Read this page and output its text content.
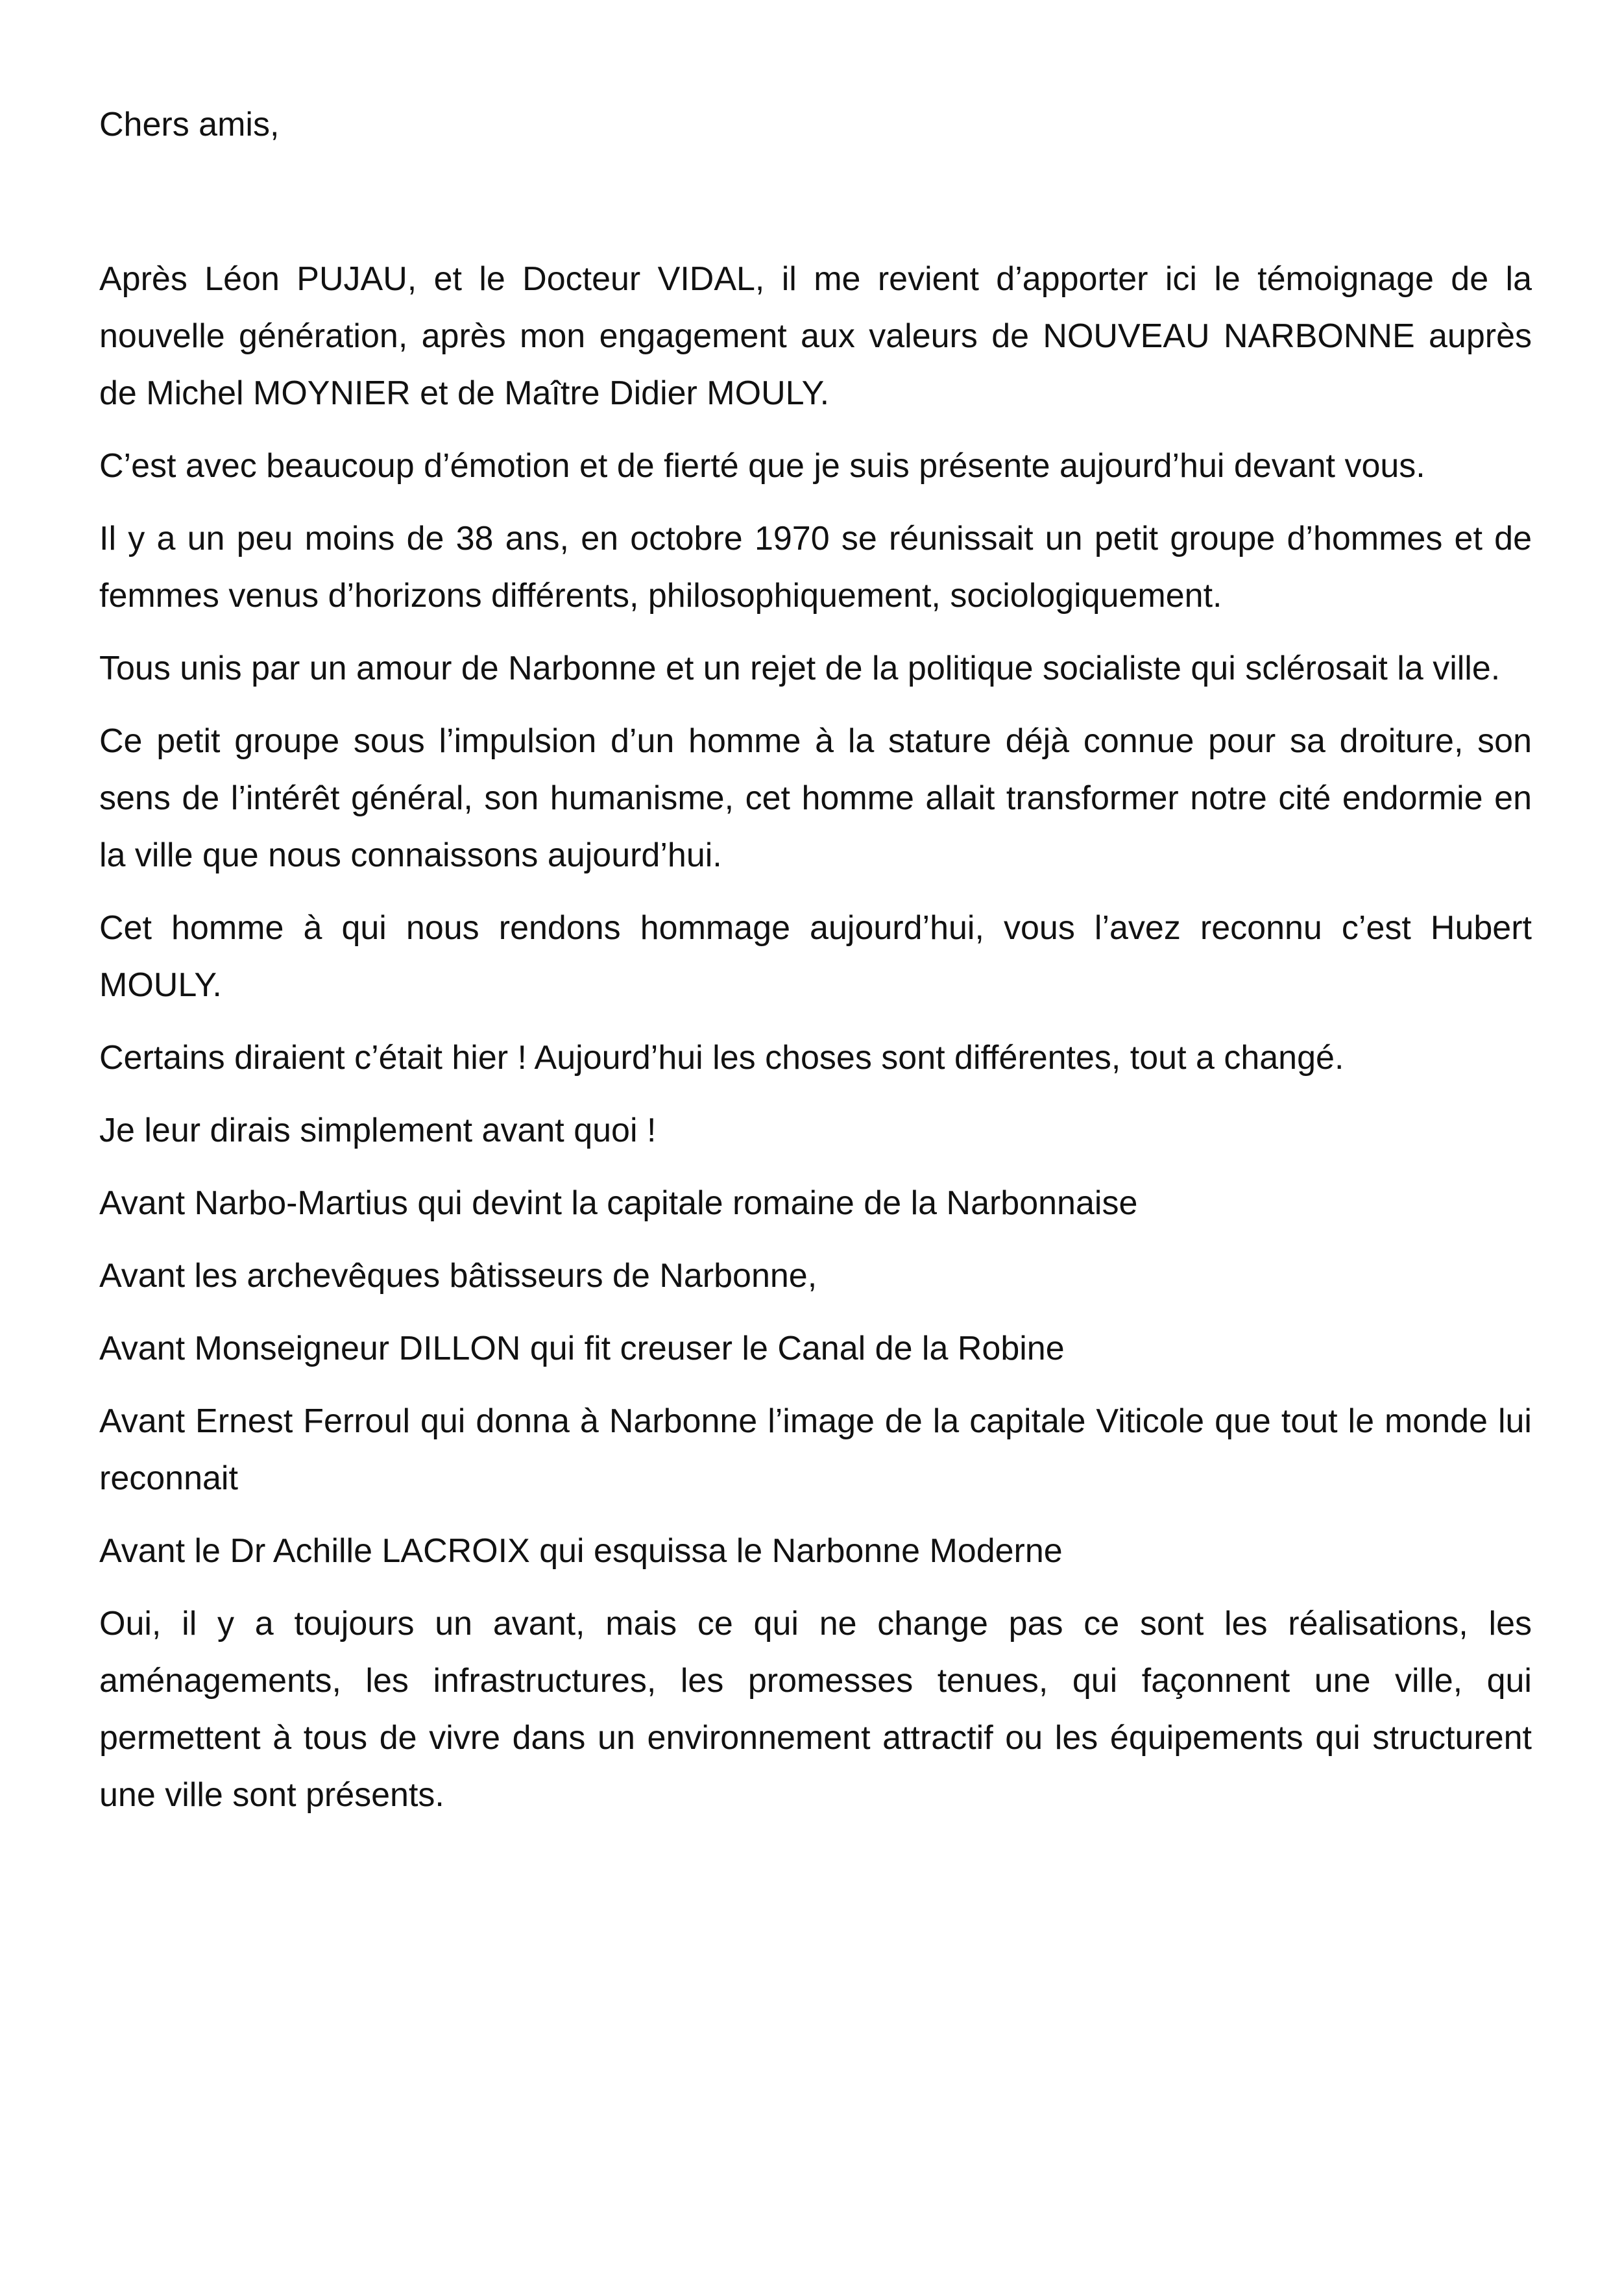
Chers amis,

Après Léon PUJAU, et le Docteur VIDAL, il me revient d’apporter ici le témoignage de la nouvelle génération, après mon engagement aux valeurs de NOUVEAU NARBONNE auprès de Michel MOYNIER et de Maître Didier MOULY.

C’est avec beaucoup d’émotion et de fierté que je suis présente aujourd’hui devant vous.

Il y a un peu moins de 38 ans, en octobre 1970 se réunissait un petit groupe d’hommes et de femmes venus d’horizons différents, philosophiquement, sociologiquement.

Tous unis par un amour de Narbonne et un rejet de la politique socialiste qui sclérosait la ville.

Ce petit groupe sous l’impulsion d’un homme à la stature déjà connue pour sa droiture, son sens de l’intérêt général, son humanisme, cet homme allait transformer notre cité endormie en la ville que nous connaissons aujourd’hui.

Cet homme à qui nous rendons hommage aujourd’hui, vous l’avez reconnu c’est Hubert MOULY.

Certains diraient c’était hier ! Aujourd’hui les choses sont différentes, tout a changé.

Je leur dirais simplement avant quoi !

Avant Narbo-Martius qui devint la capitale romaine de la Narbonnaise

Avant les archevêques bâtisseurs de Narbonne,

Avant Monseigneur DILLON qui fit creuser le Canal de la Robine

Avant Ernest Ferroul qui donna à Narbonne l’image de la capitale Viticole que tout le monde lui reconnait

Avant le Dr Achille LACROIX qui esquissa le Narbonne Moderne

Oui, il y a toujours un avant, mais ce qui ne change pas ce sont les réalisations, les aménagements, les infrastructures, les promesses tenues, qui façonnent une ville, qui permettent à tous de vivre dans un environnement attractif ou les équipements qui structurent une ville sont présents.
